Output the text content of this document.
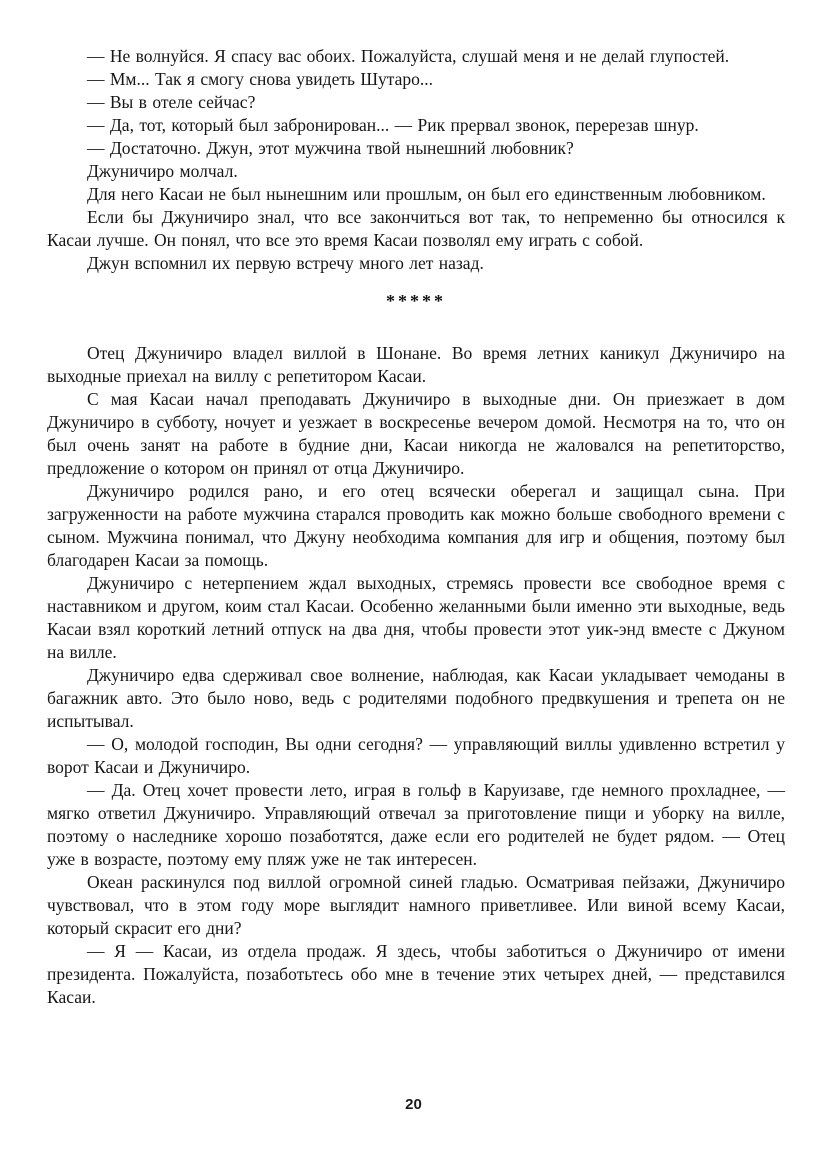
— Не волнуйся. Я спасу вас обоих. Пожалуйста, слушай меня и не делай глупостей.

— Мм... Так я смогу снова увидеть Шутаро...

— Вы в отеле сейчас?

— Да, тот, который был забронирован... — Рик прервал звонок, перерезав шнур.

— Достаточно. Джун, этот мужчина твой нынешний любовник?

Джуничиро молчал.

Для него Касаи не был нынешним или прошлым, он был его единственным любовником.

Если бы Джуничиро знал, что все закончиться вот так, то непременно бы относился к Касаи лучше. Он понял, что все это время Касаи позволял ему играть с собой.

Джун вспомнил их первую встречу много лет назад.

*****

Отец Джуничиро владел виллой в Шонане. Во время летних каникул Джуничиро на выходные приехал на виллу с репетитором Касаи.

С мая Касаи начал преподавать Джуничиро в выходные дни. Он приезжает в дом Джуничиро в субботу, ночует и уезжает в воскресенье вечером домой. Несмотря на то, что он был очень занят на работе в будние дни, Касаи никогда не жаловался на репетиторство, предложение о котором он принял от отца Джуничиро.

Джуничиро родился рано, и его отец всячески оберегал и защищал сына. При загруженности на работе мужчина старался проводить как можно больше свободного времени с сыном. Мужчина понимал, что Джуну необходима компания для игр и общения, поэтому был благодарен Касаи за помощь.

Джуничиро с нетерпением ждал выходных, стремясь провести все свободное время с наставником и другом, коим стал Касаи. Особенно желанными были именно эти выходные, ведь Касаи взял короткий летний отпуск на два дня, чтобы провести этот уик-энд вместе с Джуном на вилле.

Джуничиро едва сдерживал свое волнение, наблюдая, как Касаи укладывает чемоданы в багажник авто. Это было ново, ведь с родителями подобного предвкушения и трепета он не испытывал.

— О, молодой господин, Вы одни сегодня? — управляющий виллы удивленно встретил у ворот Касаи и Джуничиро.

— Да. Отец хочет провести лето, играя в гольф в Каруизаве, где немного прохладнее, — мягко ответил Джуничиро. Управляющий отвечал за приготовление пищи и уборку на вилле, поэтому о наследнике хорошо позаботятся, даже если его родителей не будет рядом. — Отец уже в возрасте, поэтому ему пляж уже не так интересен.

Океан раскинулся под виллой огромной синей гладью. Осматривая пейзажи, Джуничиро чувствовал, что в этом году море выглядит намного приветливее. Или виной всему Касаи, который скрасит его дни?

— Я — Касаи, из отдела продаж. Я здесь, чтобы заботиться о Джуничиро от имени президента. Пожалуйста, позаботьтесь обо мне в течение этих четырех дней, — представился Касаи.

20
